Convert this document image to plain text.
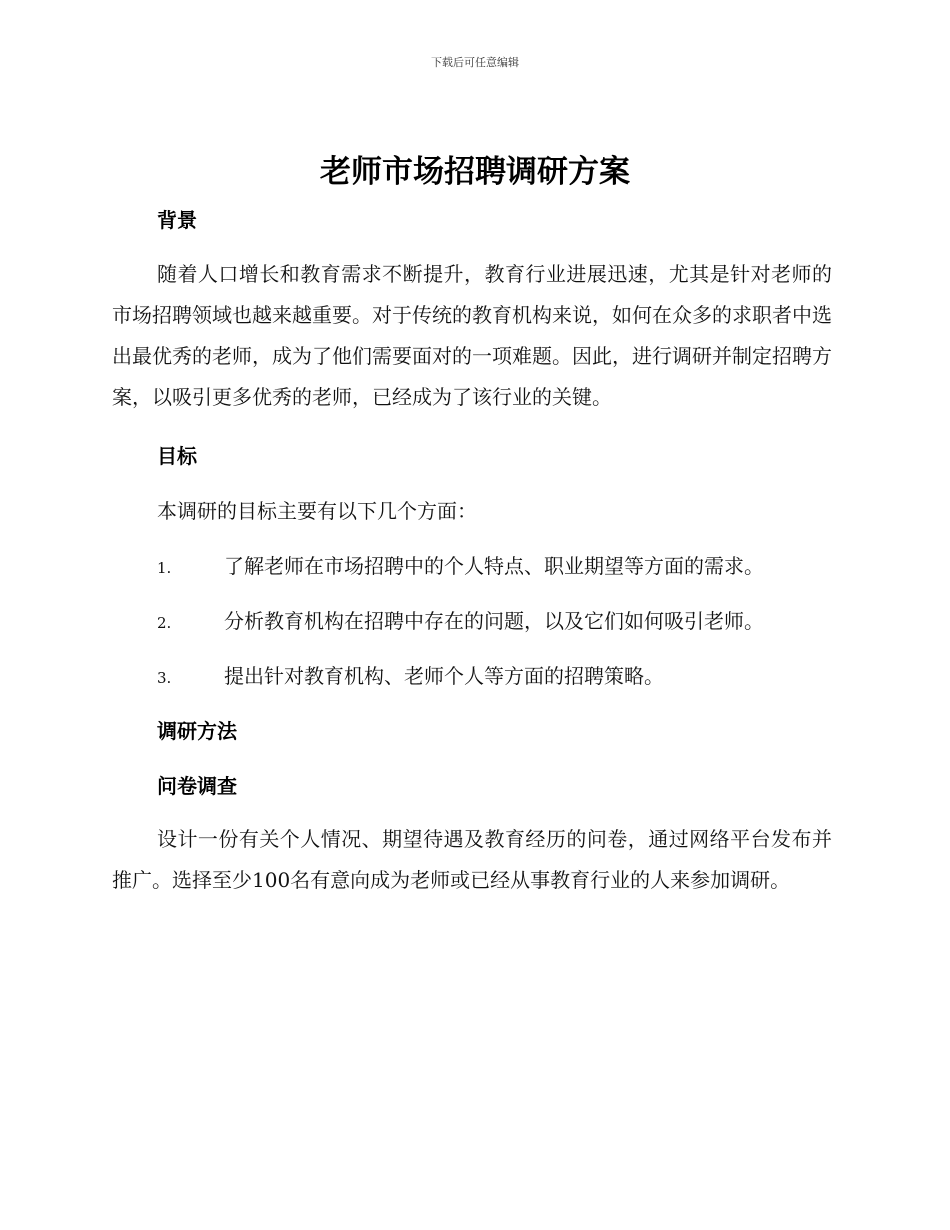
下载后可任意编辑
老师市场招聘调研方案
背景
随着人口增长和教育需求不断提升，教育行业进展迅速，尤其是针对老师的市场招聘领域也越来越重要。对于传统的教育机构来说，如何在众多的求职者中选出最优秀的老师，成为了他们需要面对的一项难题。因此，进行调研并制定招聘方案，以吸引更多优秀的老师，已经成为了该行业的关键。
目标
本调研的目标主要有以下几个方面：
1.	了解老师在市场招聘中的个人特点、职业期望等方面的需求。
2.	分析教育机构在招聘中存在的问题，以及它们如何吸引老师。
3.	提出针对教育机构、老师个人等方面的招聘策略。
调研方法
问卷调查
设计一份有关个人情况、期望待遇及教育经历的问卷，通过网络平台发布并推广。选择至少100名有意向成为老师或已经从事教育行业的人来参加调研。
